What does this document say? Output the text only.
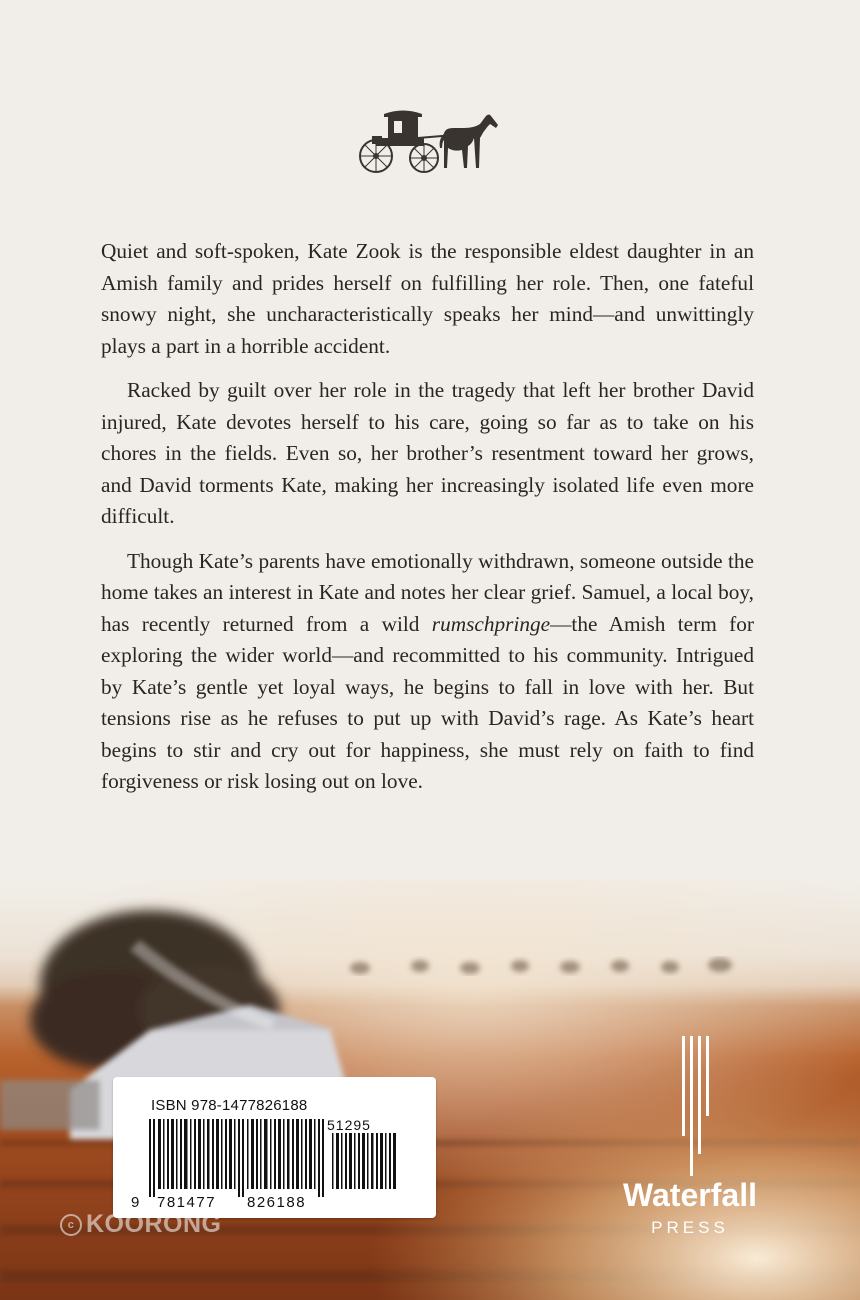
Quiet and soft-spoken, Kate Zook is the responsible eldest daughter in an Amish family and prides herself on fulfilling her role. Then, one fateful snowy night, she uncharacteristically speaks her mind—and unwittingly plays a part in a horrible accident.

Racked by guilt over her role in the tragedy that left her brother David injured, Kate devotes herself to his care, going so far as to take on his chores in the fields. Even so, her brother’s resentment toward her grows, and David torments Kate, making her increasingly isolated life even more difficult.

Though Kate’s parents have emotionally withdrawn, someone outside the home takes an interest in Kate and notes her clear grief. Samuel, a local boy, has recently returned from a wild rumschpringe—the Amish term for exploring the wider world—and recommitted to his community. Intrigued by Kate’s gentle yet loyal ways, he begins to fall in love with her. But tensions rise as he refuses to put up with David’s rage. As Kate’s heart begins to stir and cry out for happiness, she must rely on faith to find forgiveness or risk losing out on love.

ISBN 978-1477826188
51295
9 781477 826188
c KOORONG
Waterfall
PRESS
